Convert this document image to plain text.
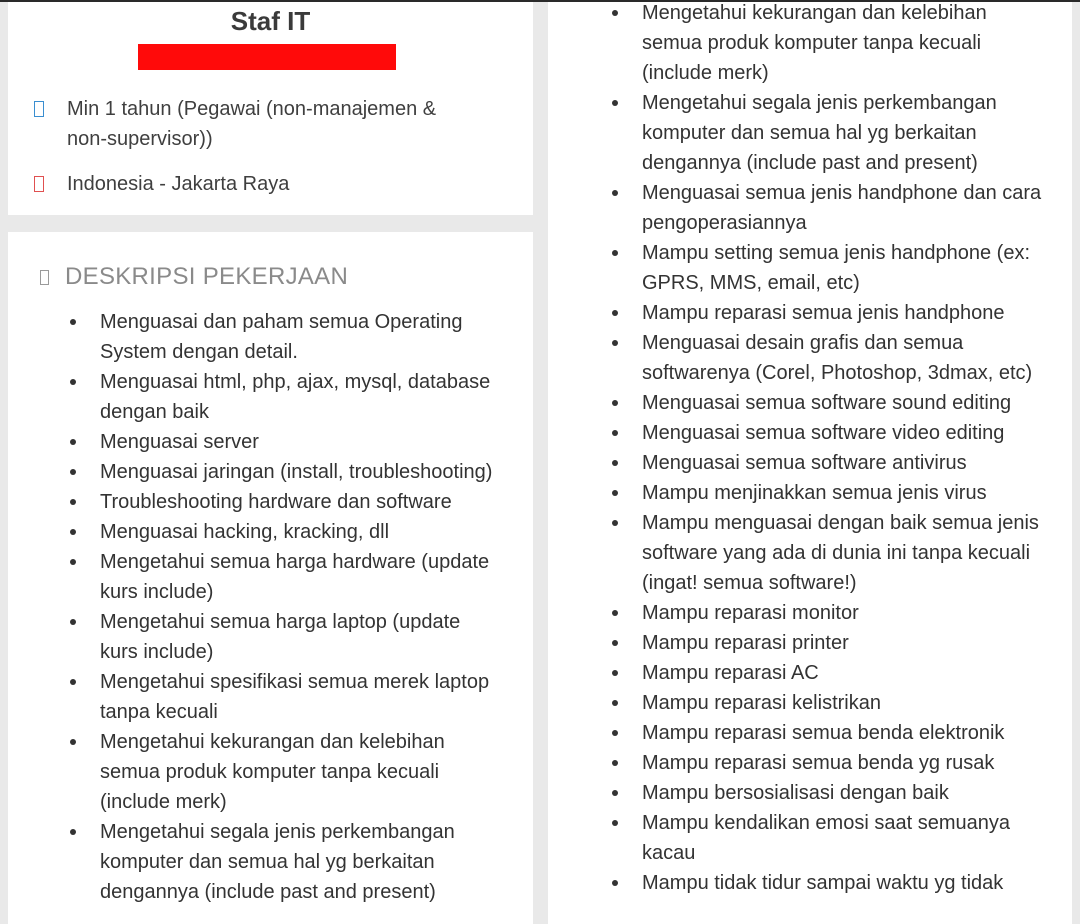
Staf IT
Min 1 tahun (Pegawai (non-manajemen & non-supervisor))
Indonesia - Jakarta Raya
DESKRIPSI PEKERJAAN
Menguasai dan paham semua Operating System dengan detail.
Menguasai html, php, ajax, mysql, database dengan baik
Menguasai server
Menguasai jaringan (install, troubleshooting)
Troubleshooting hardware dan software
Menguasai hacking, kracking, dll
Mengetahui semua harga hardware (update kurs include)
Mengetahui semua harga laptop (update kurs include)
Mengetahui spesifikasi semua merek laptop tanpa kecuali
Mengetahui kekurangan dan kelebihan semua produk komputer tanpa kecuali (include merk)
Mengetahui segala jenis perkembangan komputer dan semua hal yg berkaitan dengannya (include past and present)
Mengetahui kekurangan dan kelebihan semua produk komputer tanpa kecuali (include merk)
Mengetahui segala jenis perkembangan komputer dan semua hal yg berkaitan dengannya (include past and present)
Menguasai semua jenis handphone dan cara pengoperasiannya
Mampu setting semua jenis handphone (ex: GPRS, MMS, email, etc)
Mampu reparasi semua jenis handphone
Menguasai desain grafis dan semua softwarenya (Corel, Photoshop, 3dmax, etc)
Menguasai semua software sound editing
Menguasai semua software video editing
Menguasai semua software antivirus
Mampu menjinakkan semua jenis virus
Mampu menguasai dengan baik semua jenis software yang ada di dunia ini tanpa kecuali (ingat! semua software!)
Mampu reparasi monitor
Mampu reparasi printer
Mampu reparasi AC
Mampu reparasi kelistrikan
Mampu reparasi semua benda elektronik
Mampu reparasi semua benda yg rusak
Mampu bersosialisasi dengan baik
Mampu kendalikan emosi saat semuanya kacau
Mampu tidak tidur sampai waktu yg tidak
